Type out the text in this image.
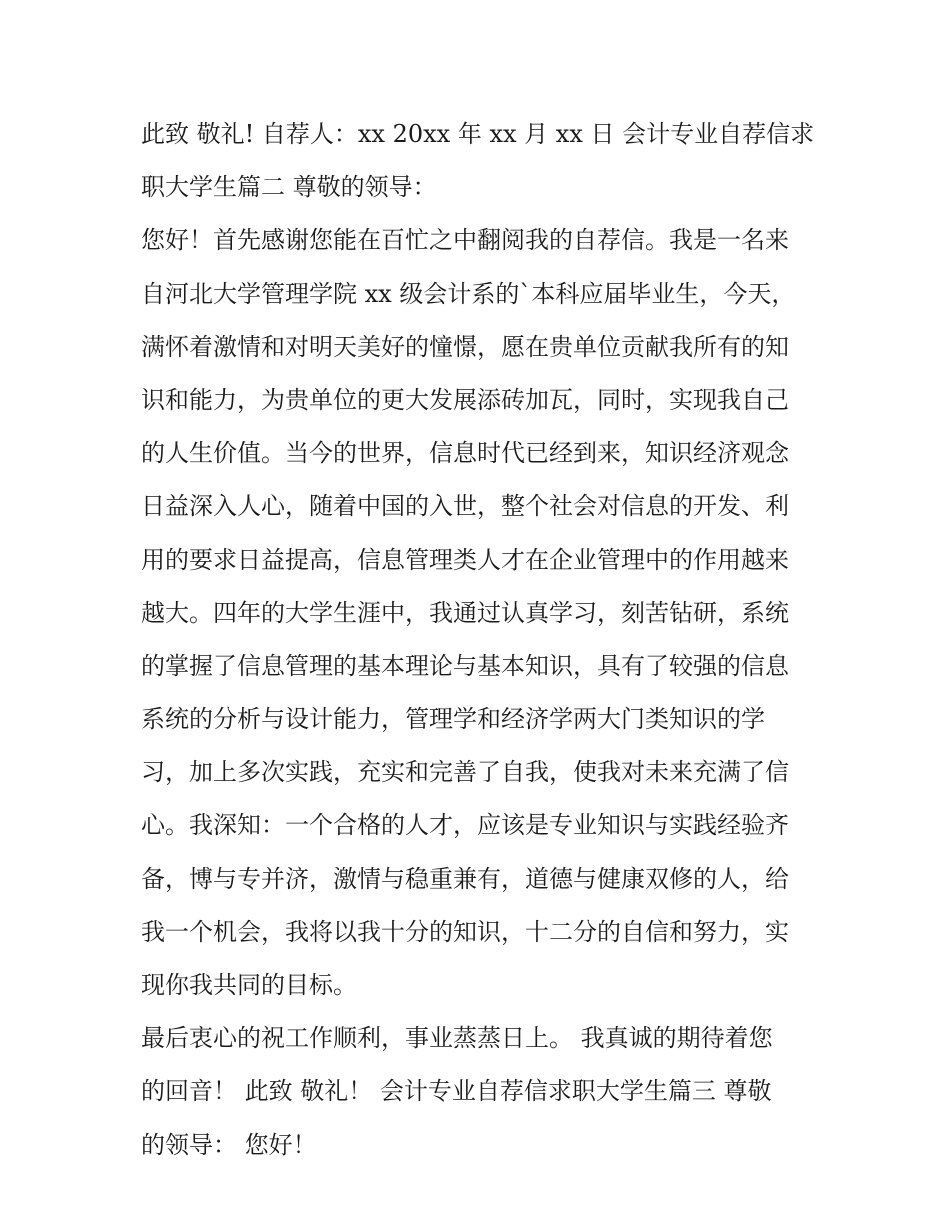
此致 敬礼! 自荐人：xx 20xx 年 xx 月 xx 日 会计专业自荐信求
职大学生篇二 尊敬的领导：
您好！首先感谢您能在百忙之中翻阅我的自荐信。我是一名来
自河北大学管理学院 xx 级会计系的`本科应届毕业生，今天，
满怀着激情和对明天美好的憧憬，愿在贵单位贡献我所有的知
识和能力，为贵单位的更大发展添砖加瓦，同时，实现我自己
的人生价值。当今的世界，信息时代已经到来，知识经济观念
日益深入人心，随着中国的入世，整个社会对信息的开发、利
用的要求日益提高，信息管理类人才在企业管理中的作用越来
越大。四年的大学生涯中，我通过认真学习，刻苦钻研，系统
的掌握了信息管理的基本理论与基本知识，具有了较强的信息
系统的分析与设计能力，管理学和经济学两大门类知识的学
习，加上多次实践，充实和完善了自我，使我对未来充满了信
心。我深知：一个合格的人才，应该是专业知识与实践经验齐
备，博与专并济，激情与稳重兼有，道德与健康双修的人，给
我一个机会，我将以我十分的知识，十二分的自信和努力，实
现你我共同的目标。
最后衷心的祝工作顺利，事业蒸蒸日上。 我真诚的期待着您
的回音！ 此致 敬礼！ 会计专业自荐信求职大学生篇三 尊敬
的领导： 您好！
